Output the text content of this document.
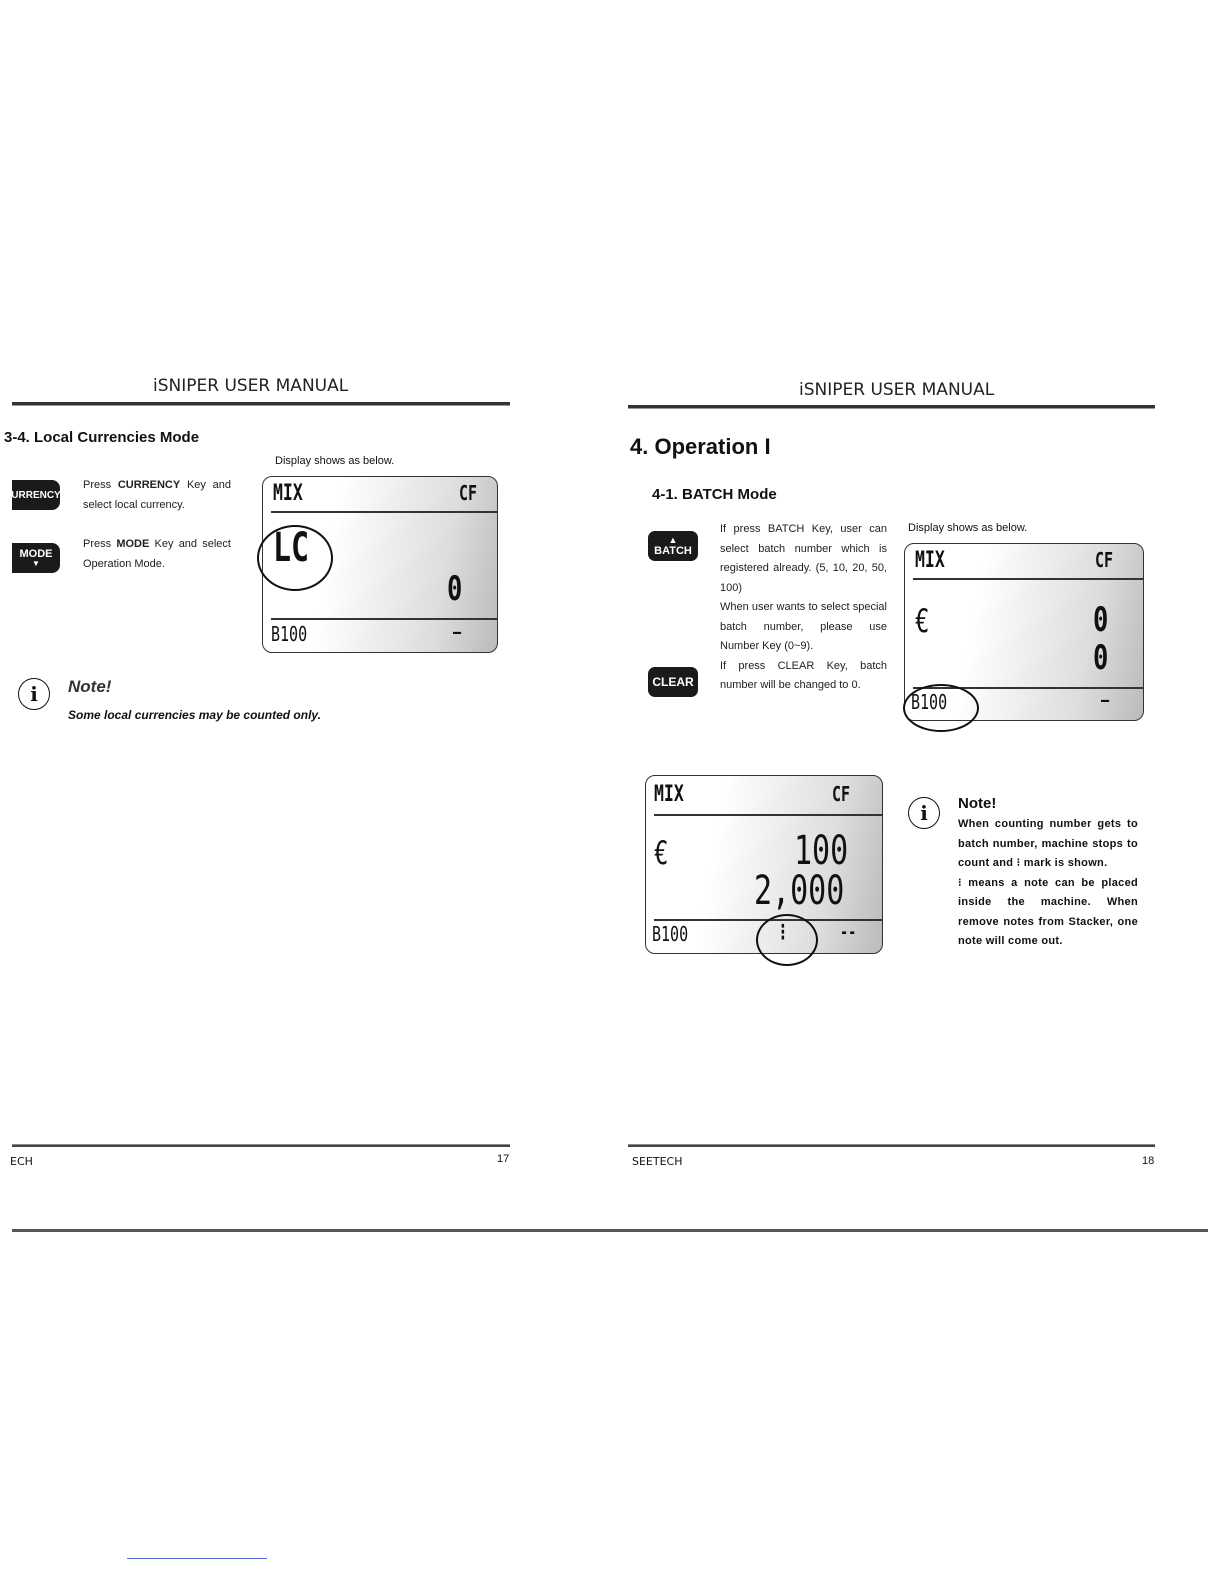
iSNIPER USER MANUAL
3-4. Local Currencies Mode
Display shows as below.
URRENCY
Press CURRENCY Key and select local currency.
MODE
▼
Press MODE Key and select Operation Mode.
MIX	CF
LC
0
B100	—
i	Note!
Some local currencies may be counted only.
ECH	17
iSNIPER USER MANUAL
4. Operation I
4-1. BATCH Mode
▲
BATCH
CLEAR
If press BATCH Key, user can select batch number which is registered already. (5, 10, 20, 50, 100)
When user wants to select special batch number, please use Number Key (0~9).
If press CLEAR Key, batch number will be changed to 0.
Display shows as below.
MIX	CF
€	0
0
B100	—
MIX	CF
€	100
2,000
B100	⁝	--
i	Note!
When counting number gets to batch number, machine stops to count and ⁝ mark is shown.
⁝ means a note can be placed inside the machine. When remove notes from Stacker, one note will come out.
SEETECH	18
